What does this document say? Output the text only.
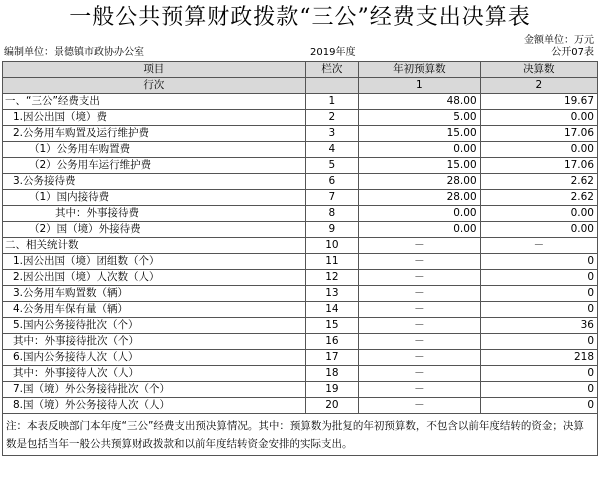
一般公共预算财政拨款“三公”经费支出决算表
金额单位：万元
编制单位：景德镇市政协办公室	2019年度	公开07表
项目	栏次	年初预算数	决算数
行次		1	2
一、“三公”经费支出	1	48.00	19.67
1.因公出国（境）费	2	5.00	0.00
2.公务用车购置及运行维护费	3	15.00	17.06
（1）公务用车购置费	4	0.00	0.00
（2）公务用车运行维护费	5	15.00	17.06
3.公务接待费	6	28.00	2.62
（1）国内接待费	7	28.00	2.62
其中：外事接待费	8	0.00	0.00
（2）国（境）外接待费	9	0.00	0.00
二、相关统计数	10	－	－
1.因公出国（境）团组数（个）	11	－	0
2.因公出国（境）人次数（人）	12	－	0
3.公务用车购置数（辆）	13	－	0
4.公务用车保有量（辆）	14	－	0
5.国内公务接待批次（个）	15	－	36
其中：外事接待批次（个）	16	－	0
6.国内公务接待人次（人）	17	－	218
其中：外事接待人次（人）	18	－	0
7.国（境）外公务接待批次（个）	19	－	0
8.国（境）外公务接待人次（人）	20	－	0
注：本表反映部门本年度“三公”经费支出预决算情况。其中：预算数为批复的年初预算数，不包含以前年度结转的资金；决算数是包括当年一般公共预算财政拨款和以前年度结转资金安排的实际支出。			
